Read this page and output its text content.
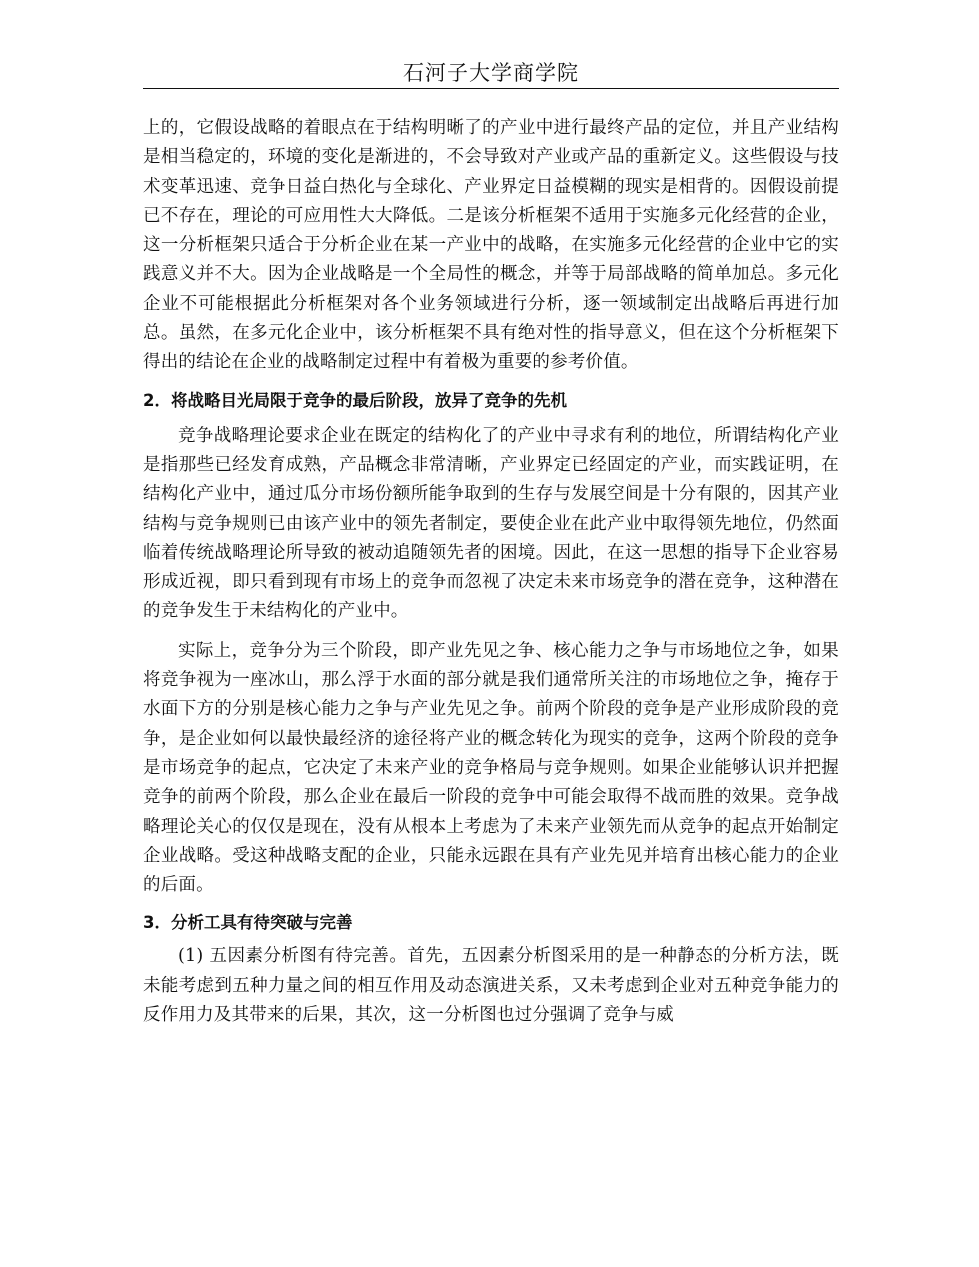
石河子大学商学院

上的，它假设战略的着眼点在于结构明晰了的产业中进行最终产品的定位，并且产业结构是相当稳定的，环境的变化是渐进的，不会导致对产业或产品的重新定义。这些假设与技术变革迅速、竞争日益白热化与全球化、产业界定日益模糊的现实是相背的。因假设前提已不存在，理论的可应用性大大降低。二是该分析框架不适用于实施多元化经营的企业，这一分析框架只适合于分析企业在某一产业中的战略，在实施多元化经营的企业中它的实践意义并不大。因为企业战略是一个全局性的概念，并等于局部战略的简单加总。多元化企业不可能根据此分析框架对各个业务领域进行分析，逐一领域制定出战略后再进行加总。虽然，在多元化企业中，该分析框架不具有绝对性的指导意义，但在这个分析框架下得出的结论在企业的战略制定过程中有着极为重要的参考价值。

2．将战略目光局限于竞争的最后阶段，放异了竞争的先机

竞争战略理论要求企业在既定的结构化了的产业中寻求有利的地位，所谓结构化产业是指那些已经发育成熟，产品概念非常清晰，产业界定已经固定的产业，而实践证明，在结构化产业中，通过瓜分市场份额所能争取到的生存与发展空间是十分有限的，因其产业结构与竞争规则已由该产业中的领先者制定，要使企业在此产业中取得领先地位，仍然面临着传统战略理论所导致的被动追随领先者的困境。因此，在这一思想的指导下企业容易形成近视，即只看到现有市场上的竞争而忽视了决定未来市场竞争的潜在竞争，这种潜在的竞争发生于未结构化的产业中。

实际上，竞争分为三个阶段，即产业先见之争、核心能力之争与市场地位之争，如果将竞争视为一座冰山，那么浮于水面的部分就是我们通常所关注的市场地位之争，掩存于水面下方的分别是核心能力之争与产业先见之争。前两个阶段的竞争是产业形成阶段的竞争，是企业如何以最快最经济的途径将产业的概念转化为现实的竞争，这两个阶段的竞争是市场竞争的起点，它决定了未来产业的竞争格局与竞争规则。如果企业能够认识并把握竞争的前两个阶段，那么企业在最后一阶段的竞争中可能会取得不战而胜的效果。竞争战略理论关心的仅仅是现在，没有从根本上考虑为了未来产业领先而从竞争的起点开始制定企业战略。受这种战略支配的企业，只能永远跟在具有产业先见并培育出核心能力的企业的后面。

3．分析工具有待突破与完善

(1) 五因素分析图有待完善。首先，五因素分析图采用的是一种静态的分析方法，既未能考虑到五种力量之间的相互作用及动态演进关系，又未考虑到企业对五种竞争能力的反作用力及其带来的后果，其次，这一分析图也过分强调了竞争与威
